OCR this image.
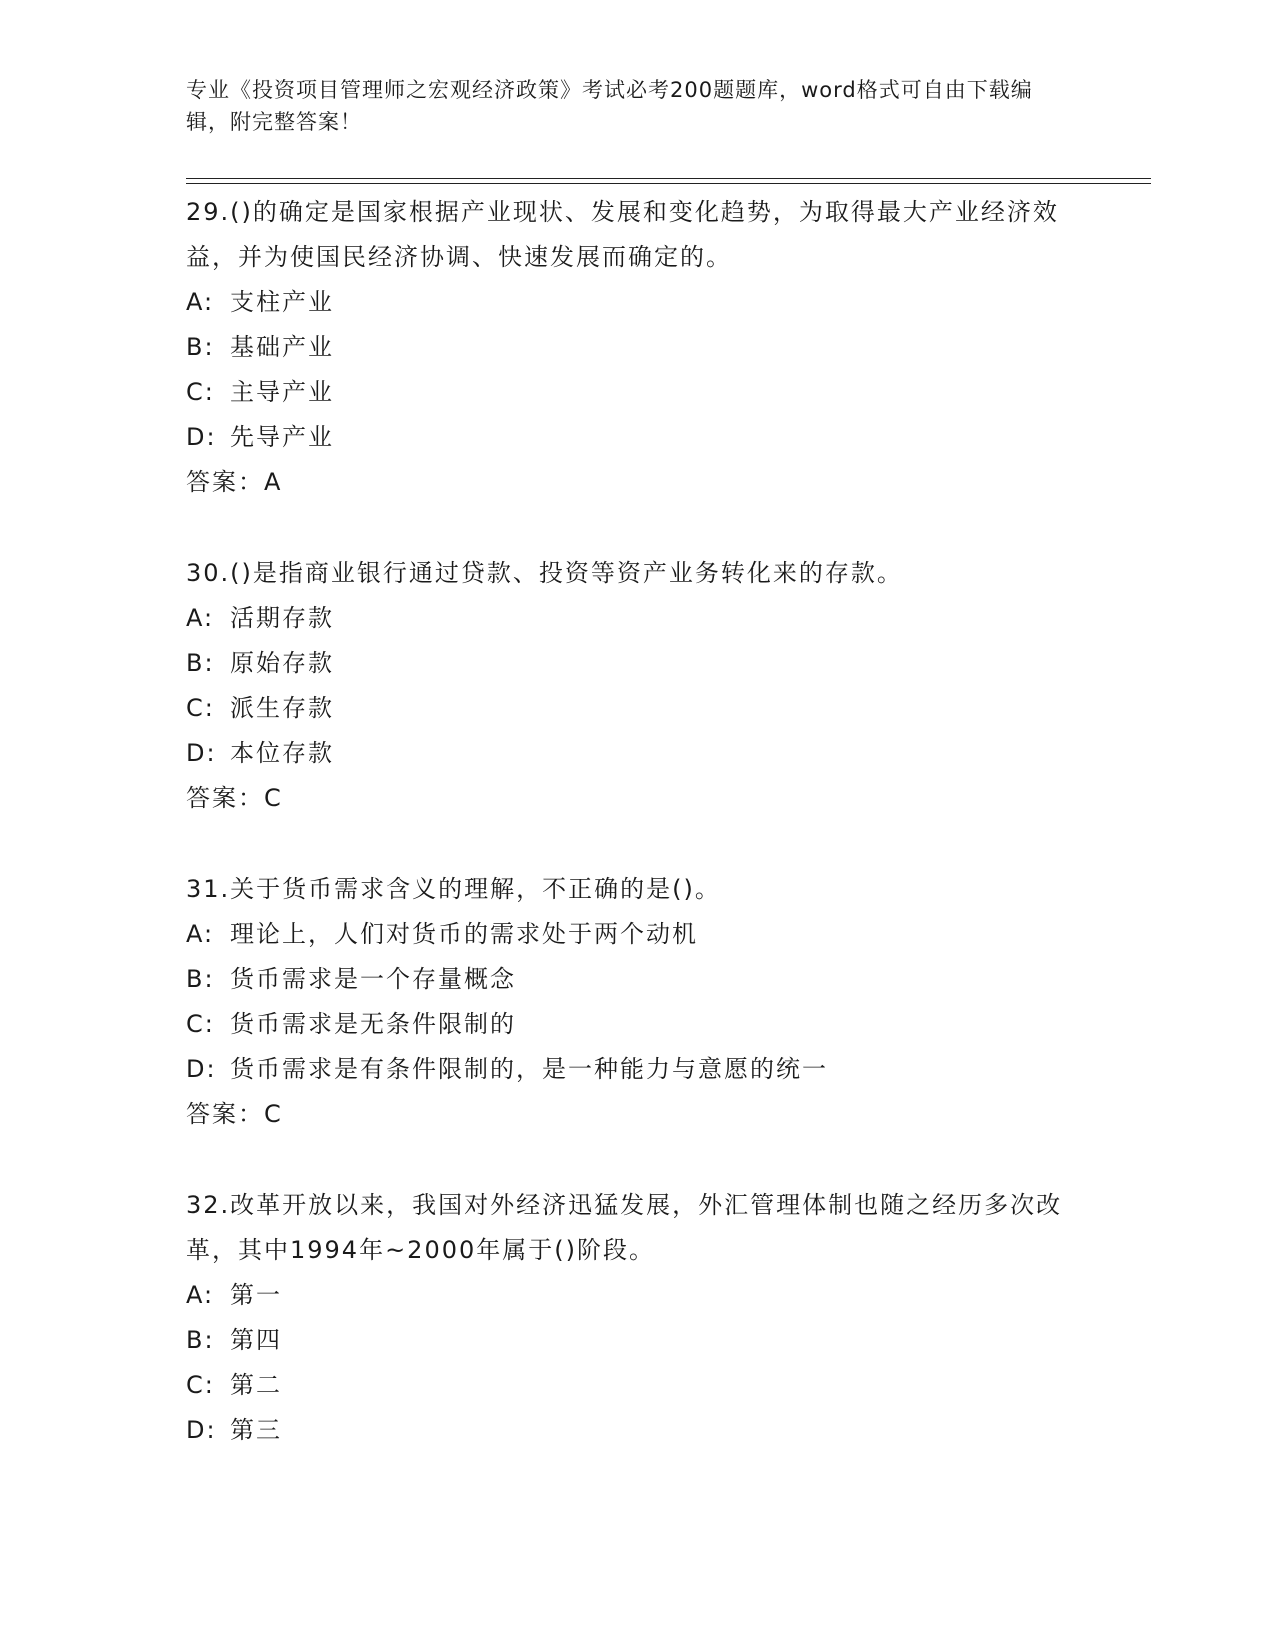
专业《投资项目管理师之宏观经济政策》考试必考200题题库，word格式可自由下载编辑，附完整答案！
29.()的确定是国家根据产业现状、发展和变化趋势，为取得最大产业经济效益，并为使国民经济协调、快速发展而确定的。
A: 支柱产业
B: 基础产业
C: 主导产业
D: 先导产业
答案：A
30.()是指商业银行通过贷款、投资等资产业务转化来的存款。
A: 活期存款
B: 原始存款
C: 派生存款
D: 本位存款
答案：C
31.关于货币需求含义的理解，不正确的是()。
A: 理论上，人们对货币的需求处于两个动机
B: 货币需求是一个存量概念
C: 货币需求是无条件限制的
D: 货币需求是有条件限制的，是一种能力与意愿的统一
答案：C
32.改革开放以来，我国对外经济迅猛发展，外汇管理体制也随之经历多次改革，其中1994年~2000年属于()阶段。
A: 第一
B: 第四
C: 第二
D: 第三
